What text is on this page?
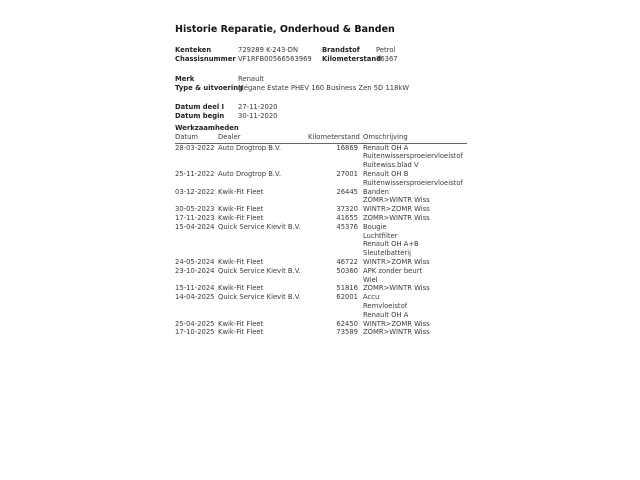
Historie Reparatie, Onderhoud & Banden
Kenteken	729289 K-243-DN	Brandstof	Petrol
Chassisnummer VF1RFB00566563969	Kilometerstand
76367
Merk	Renault
Type & uitvoering
Mégane Estate PHEV 160 Business Zen 5D 118kW
Datum deel I	27-11-2020
Datum begin	30-11-2020
Werkzaamheden
Datum	Dealer	Kilometerstand Omschrijving
28-03-2022 Auto Drogtrop B.V.	16869 Renault OH A
Ruitenwissersproeiervloeistof
Ruitewiss.blad V
25-11-2022 Auto Drogtrop B.V.	27001 Renault OH B
Ruitenwissersproeiervloeistof
03-12-2022 Kwik-Fit Fleet	26445 Banden
ZOMR>WINTR Wiss
30-05-2023 Kwik-Fit Fleet	37320 WINTR>ZOMR Wiss
17-11-2023 Kwik-Fit Fleet	41655 ZOMR>WINTR Wiss
15-04-2024 Quick Service Kievit B.V.	45376 Bougie
Luchtfilter
Renault OH A+B
Sleutelbatterij
24-05-2024 Kwik-Fit Fleet	46722 WINTR>ZOMR Wiss
23-10-2024 Quick Service Kievit B.V.	50360 APK zonder beurt
Wiel
15-11-2024 Kwik-Fit Fleet	51816 ZOMR>WINTR Wiss
14-04-2025 Quick Service Kievit B.V.	62001 Accu
Remvloeistof
Renault OH A
25-04-2025 Kwik-Fit Fleet	62450 WINTR>ZOMR Wiss
17-10-2025 Kwik-Fit Fleet	73589 ZOMR>WINTR Wiss
